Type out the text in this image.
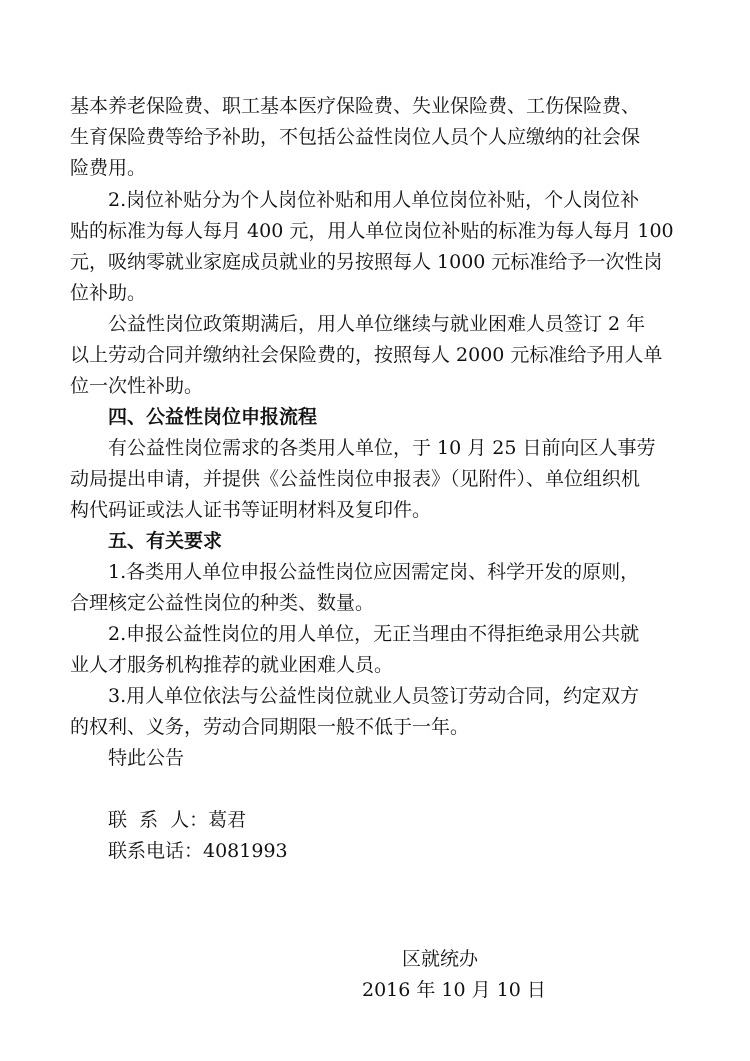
基本养老保险费、职工基本医疗保险费、失业保险费、工伤保险费、
生育保险费等给予补助，不包括公益性岗位人员个人应缴纳的社会保
险费用。
2.岗位补贴分为个人岗位补贴和用人单位岗位补贴，个人岗位补
贴的标准为每人每月 400 元，用人单位岗位补贴的标准为每人每月 100
元，吸纳零就业家庭成员就业的另按照每人 1000 元标准给予一次性岗
位补助。
公益性岗位政策期满后，用人单位继续与就业困难人员签订 2 年
以上劳动合同并缴纳社会保险费的，按照每人 2000 元标准给予用人单
位一次性补助。
四、公益性岗位申报流程
有公益性岗位需求的各类用人单位，于 10 月 25 日前向区人事劳
动局提出申请，并提供《公益性岗位申报表》（见附件）、单位组织机
构代码证或法人证书等证明材料及复印件。
五、有关要求
1.各类用人单位申报公益性岗位应因需定岗、科学开发的原则，
合理核定公益性岗位的种类、数量。
2.申报公益性岗位的用人单位，无正当理由不得拒绝录用公共就
业人才服务机构推荐的就业困难人员。
3.用人单位依法与公益性岗位就业人员签订劳动合同，约定双方
的权利、义务，劳动合同期限一般不低于一年。
特此公告
联  系  人：葛君
联系电话：4081993
区就统办
2016 年 10 月 10 日
